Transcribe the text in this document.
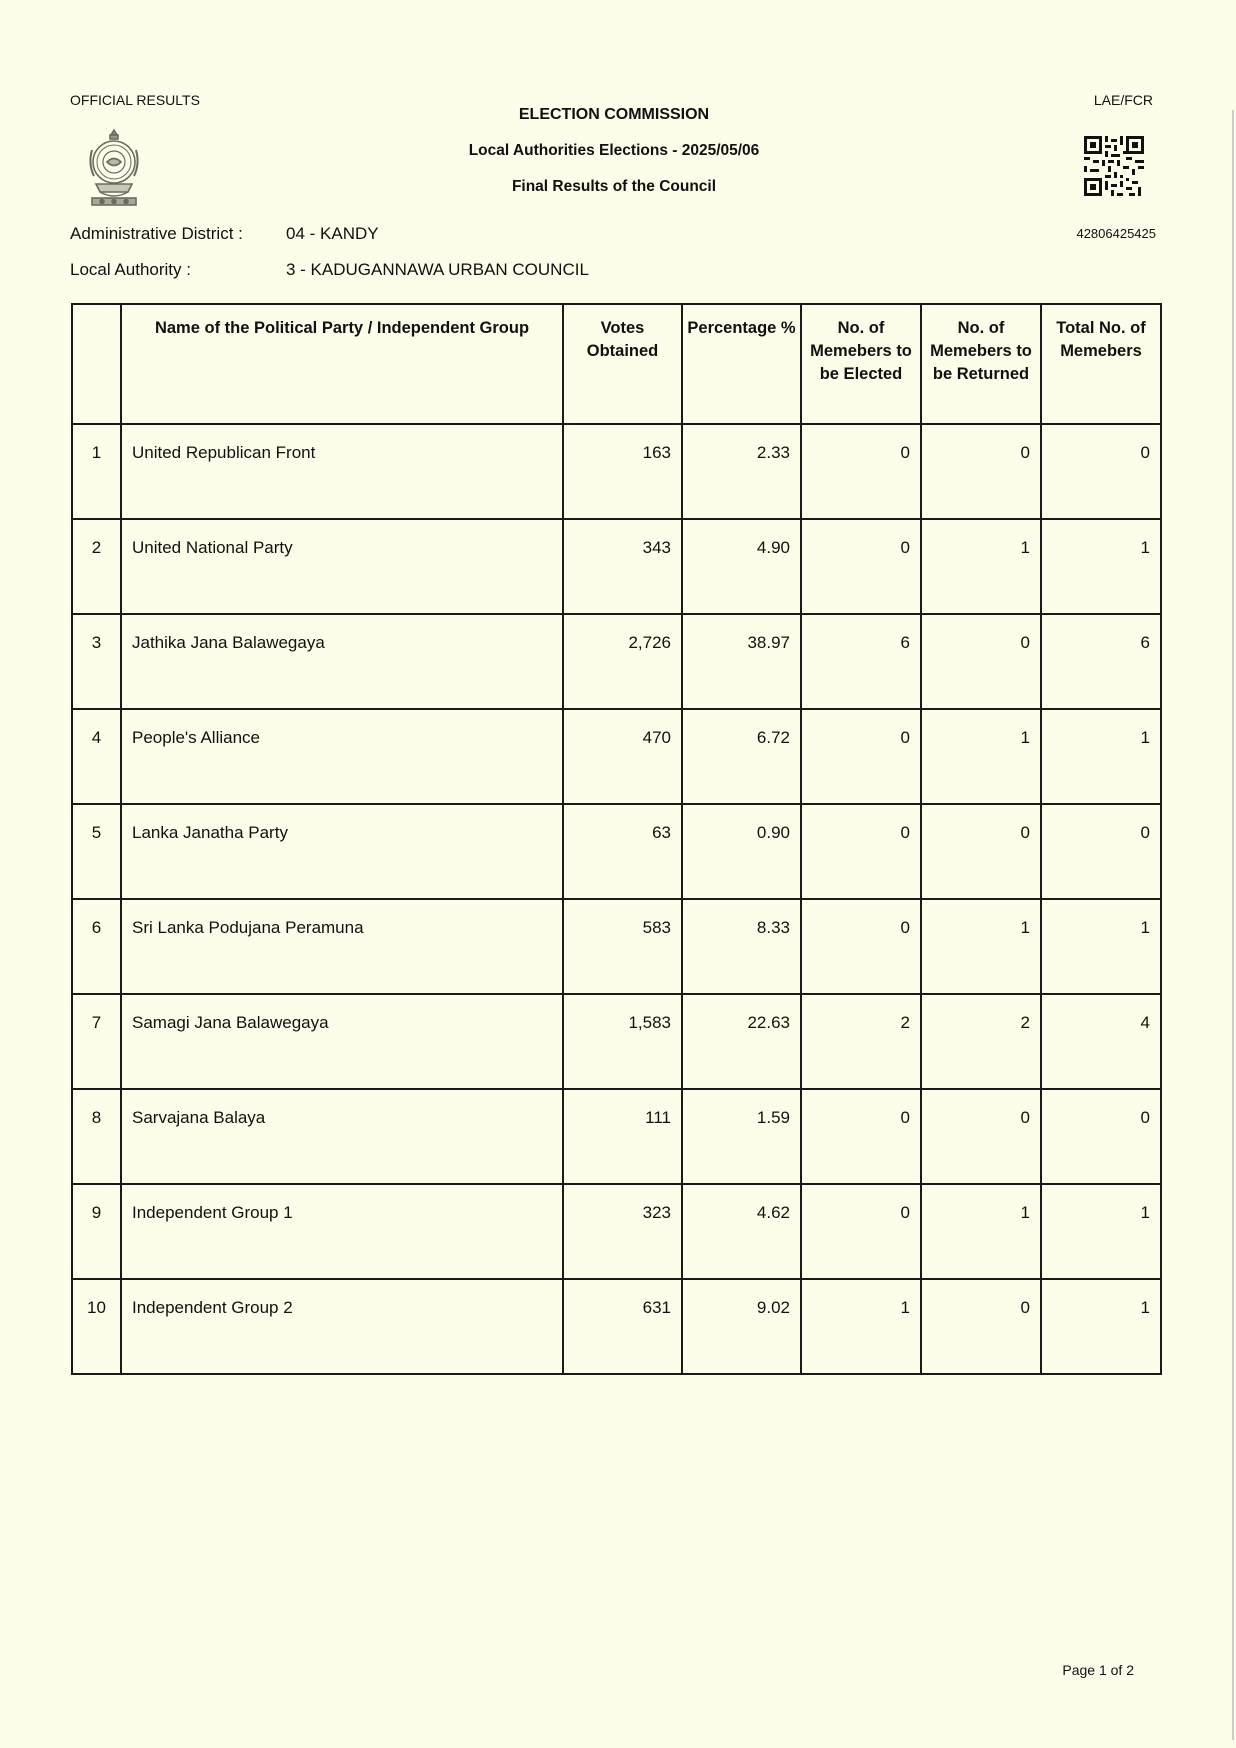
OFFICIAL RESULTS	LAE/FCR
ELECTION COMMISSION
Local Authorities Elections - 2025/05/06
Final Results of the Council
42806425425
Administrative District :	04 - KANDY
Local Authority :	3 - KADUGANNAWA URBAN COUNCIL
	Name of the Political Party / Independent Group	Votes Obtained	Percentage %	No. of Memebers to be Elected	No. of Memebers to be Returned	Total No. of Memebers
1	United Republican Front	163	2.33	0	0	0
2	United National Party	343	4.90	0	1	1
3	Jathika Jana Balawegaya	2,726	38.97	6	0	6
4	People's Alliance	470	6.72	0	1	1
5	Lanka Janatha Party	63	0.90	0	0	0
6	Sri Lanka Podujana Peramuna	583	8.33	0	1	1
7	Samagi Jana Balawegaya	1,583	22.63	2	2	4
8	Sarvajana Balaya	111	1.59	0	0	0
9	Independent Group 1	323	4.62	0	1	1
10	Independent Group 2	631	9.02	1	0	1
Page 1 of 2
